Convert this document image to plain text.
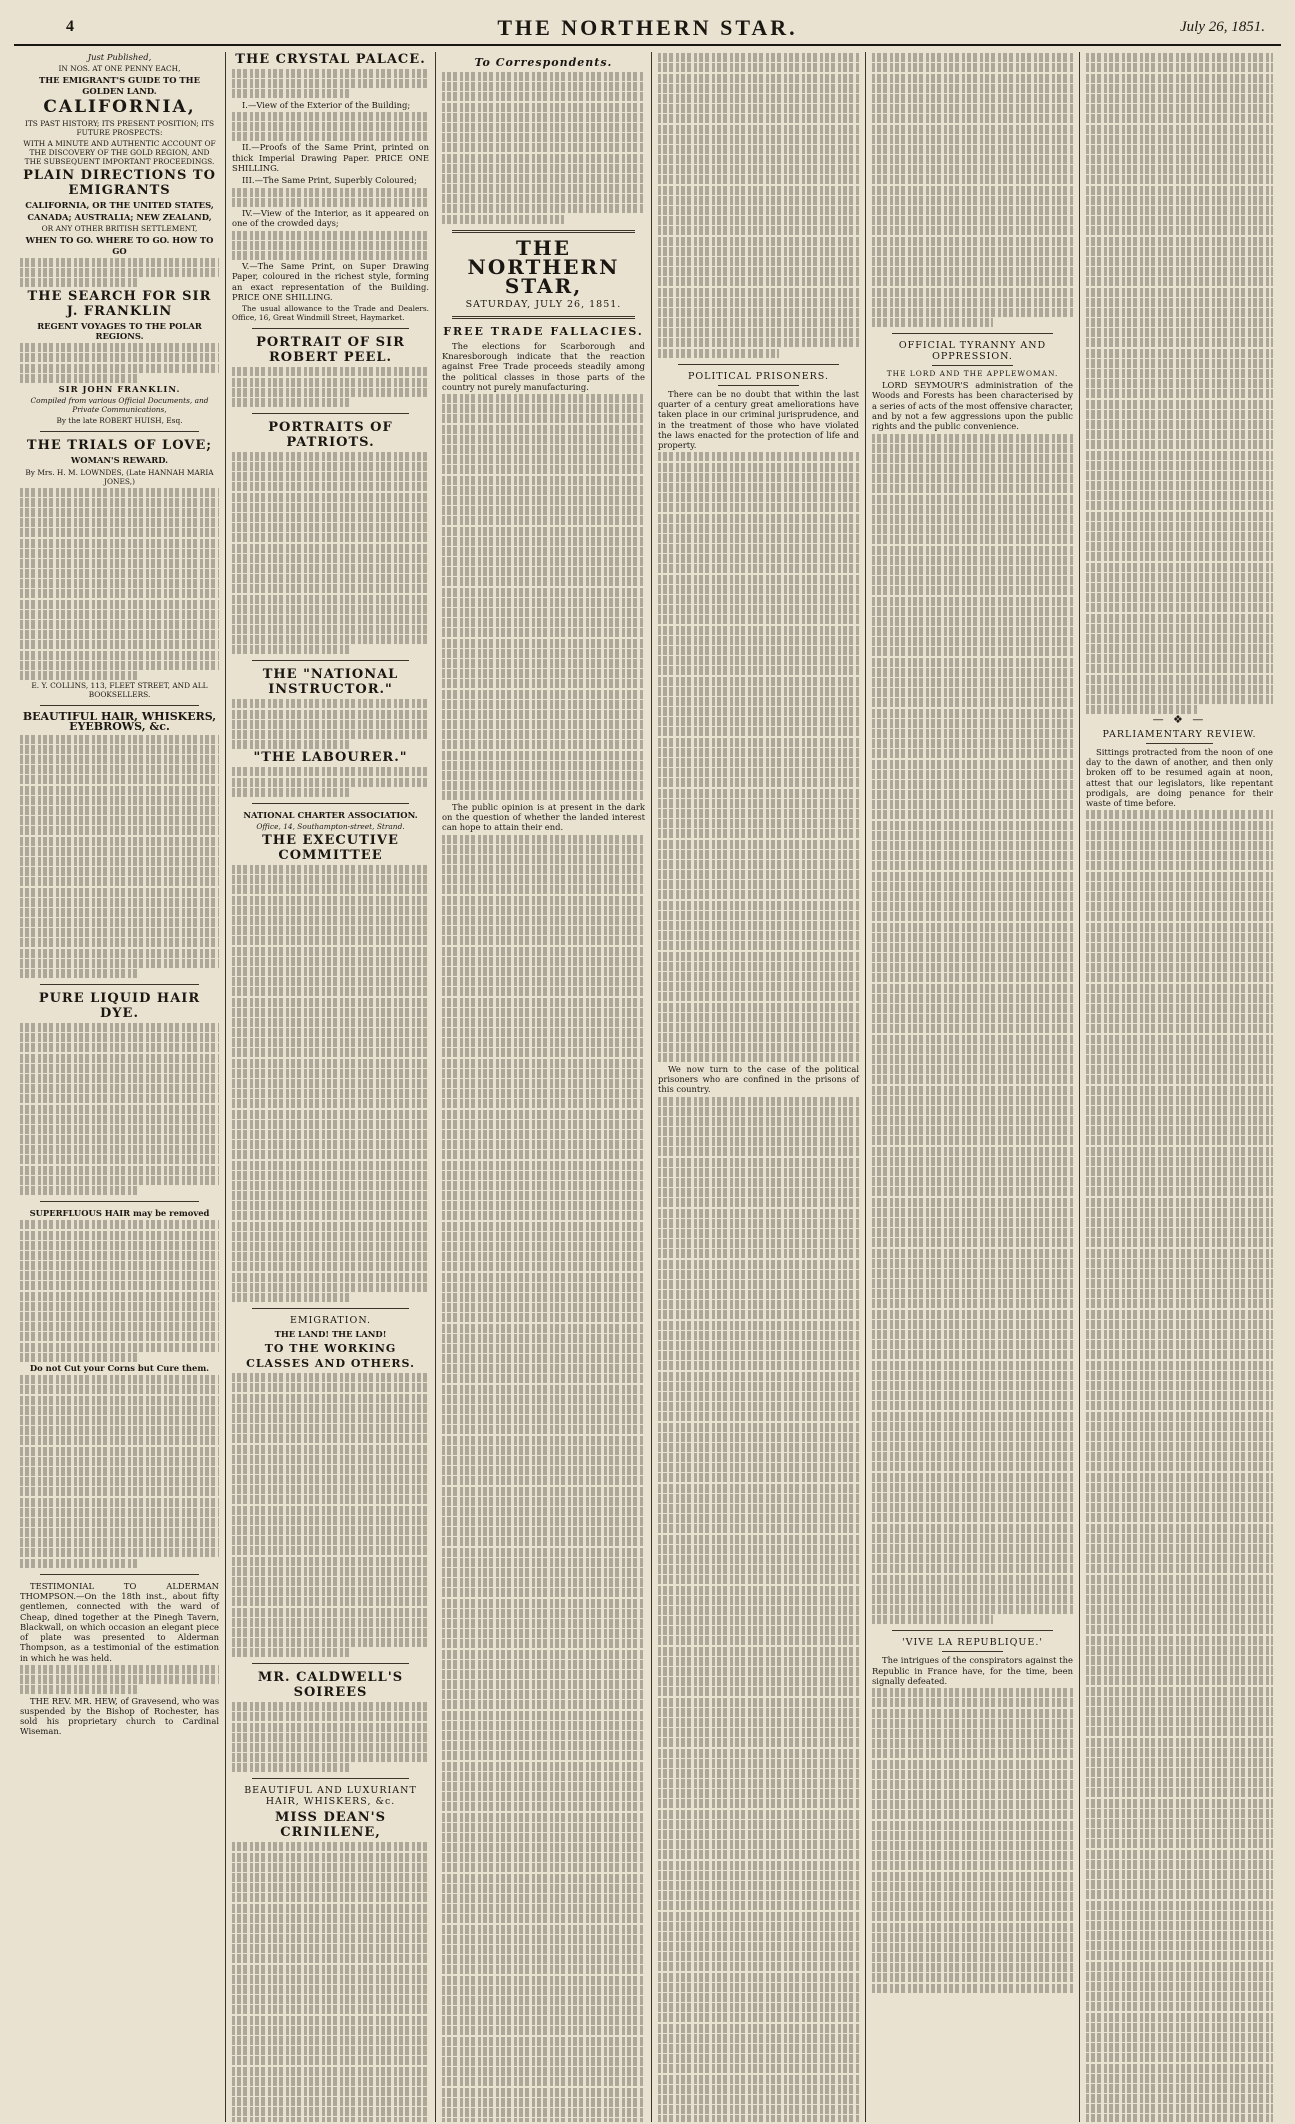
4	THE NORTHERN STAR.	July 26, 1851.

Just Published,

IN NOS. AT ONE PENNY EACH,

THE EMIGRANT'S GUIDE TO THE GOLDEN LAND.

CALIFORNIA,

ITS PAST HISTORY; ITS PRESENT POSITION; ITS FUTURE PROSPECTS:

WITH A MINUTE AND AUTHENTIC ACCOUNT OF THE DISCOVERY OF THE GOLD REGION, AND THE SUBSEQUENT IMPORTANT PROCEEDINGS.

PLAIN DIRECTIONS TO EMIGRANTS

CALIFORNIA, OR THE UNITED STATES,

CANADA; AUSTRALIA; NEW ZEALAND,

OR ANY OTHER BRITISH SETTLEMENT,

WHEN TO GO. WHERE TO GO. HOW TO GO

THE SEARCH FOR SIR J. FRANKLIN

REGENT VOYAGES TO THE POLAR REGIONS.

SIR JOHN FRANKLIN.

Compiled from various Official Documents, and Private Communications,

By the late ROBERT HUISH, Esq.

THE TRIALS OF LOVE;

WOMAN'S REWARD.

By Mrs. H. M. LOWNDES, (Late HANNAH MARIA JONES,)

E. Y. COLLINS, 113, FLEET STREET, AND ALL BOOKSELLERS.

BEAUTIFUL HAIR, WHISKERS, EYEBROWS, &c.

PURE LIQUID HAIR DYE.

SUPERFLUOUS HAIR may be removed

Do not Cut your Corns but Cure them.

TESTIMONIAL TO ALDERMAN THOMPSON.—On the 18th inst., about fifty gentlemen, connected with the ward of Cheap, dined together at the Pinegh Tavern, Blackwall, on which occasion an elegant piece of plate was presented to Alderman Thompson, as a testimonial of the estimation in which he was held.

THE REV. MR. HEW, of Gravesend, who was suspended by the Bishop of Rochester, has sold his proprietary church to Cardinal Wiseman.

THE CRYSTAL PALACE.

I.—View of the Exterior of the Building;

II.—Proofs of the Same Print, printed on thick Imperial Drawing Paper. PRICE ONE SHILLING.

III.—The Same Print, Superbly Coloured;

IV.—View of the Interior, as it appeared on one of the crowded days;

V.—The Same Print, on Super Drawing Paper, coloured in the richest style, forming an exact representation of the Building. PRICE ONE SHILLING.

The usual allowance to the Trade and Dealers. Office, 16, Great Windmill Street, Haymarket.

PORTRAIT OF SIR ROBERT PEEL.

PORTRAITS OF PATRIOTS.

THE "NATIONAL INSTRUCTOR."

"THE LABOURER."

NATIONAL CHARTER ASSOCIATION.

Office, 14, Southampton-street, Strand.

THE EXECUTIVE COMMITTEE

EMIGRATION.

THE LAND! THE LAND!

TO THE WORKING CLASSES AND OTHERS.

MR. CALDWELL'S SOIREES

BEAUTIFUL AND LUXURIANT HAIR, WHISKERS, &c.

MISS DEAN'S CRINILENE,

To Correspondents.

THE NORTHERN STAR,

SATURDAY, JULY 26, 1851.

FREE TRADE FALLACIES.

The elections for Scarborough and Knaresborough indicate that the reaction against Free Trade proceeds steadily among the political classes in those parts of the country not purely manufacturing.

The public opinion is at present in the dark on the question of whether the landed interest can hope to attain their end.

POLITICAL PRISONERS.

There can be no doubt that within the last quarter of a century great ameliorations have taken place in our criminal jurisprudence, and in the treatment of those who have violated the laws enacted for the protection of life and property.

We now turn to the case of the political prisoners who are confined in the prisons of this country.

OFFICIAL TYRANNY AND OPPRESSION.

THE LORD AND THE APPLEWOMAN.

LORD SEYMOUR'S administration of the Woods and Forests has been characterised by a series of acts of the most offensive character, and by not a few aggressions upon the public rights and the public convenience.

'VIVE LA REPUBLIQUE.'

The intrigues of the conspirators against the Republic in France have, for the time, been signally defeated.

— ❖ —

PARLIAMENTARY REVIEW.

Sittings protracted from the noon of one day to the dawn of another, and then only broken off to be resumed again at noon, attest that our legislators, like repentant prodigals, are doing penance for their waste of time before.
